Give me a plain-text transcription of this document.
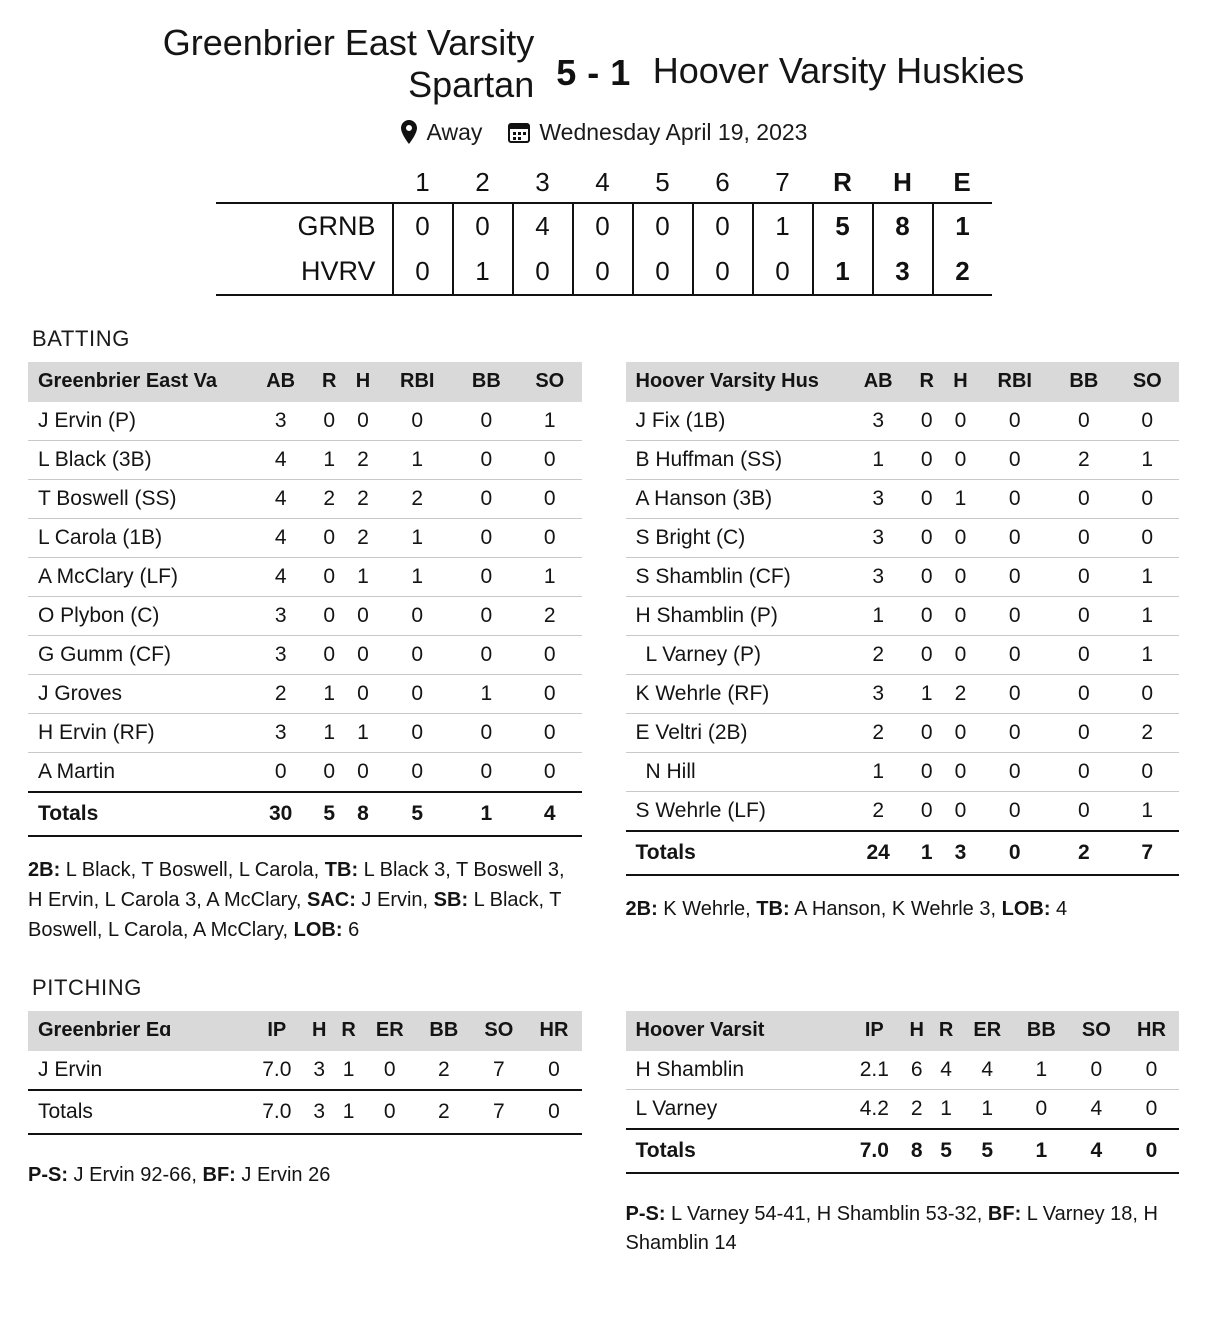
Greenbrier East Varsity Spartan 5 - 1 Hoover Varsity Huskies
Away Wednesday April 19, 2023
	1	2	3	4	5	6	7	R	H	E
GRNB	0	0	4	0	0	0	1	5	8	1
HVRV	0	1	0	0	0	0	0	1	3	2
BATTING
Greenbrier East Va	AB	R	H	RBI	BB	SO
J Ervin (P)	3	0	0	0	0	1
L Black (3B)	4	1	2	1	0	0
T Boswell (SS)	4	2	2	2	0	0
L Carola (1B)	4	0	2	1	0	0
A McClary (LF)	4	0	1	1	0	1
O Plybon (C)	3	0	0	0	0	2
G Gumm (CF)	3	0	0	0	0	0
J Groves	2	1	0	0	1	0
H Ervin (RF)	3	1	1	0	0	0
A Martin	0	0	0	0	0	0
Totals	30	5	8	5	1	4
2B: L Black, T Boswell, L Carola, TB: L Black 3, T Boswell 3, H Ervin, L Carola 3, A McClary, SAC: J Ervin, SB: L Black, T Boswell, L Carola, A McClary, LOB: 6
Hoover Varsity Hus	AB	R	H	RBI	BB	SO
J Fix (1B)	3	0	0	0	0	0
B Huffman (SS)	1	0	0	0	2	1
A Hanson (3B)	3	0	1	0	0	0
S Bright (C)	3	0	0	0	0	0
S Shamblin (CF)	3	0	0	0	0	1
H Shamblin (P)	1	0	0	0	0	1
L Varney (P)	2	0	0	0	0	1
K Wehrle (RF)	3	1	2	0	0	0
E Veltri (2B)	2	0	0	0	0	2
N Hill	1	0	0	0	0	0
S Wehrle (LF)	2	0	0	0	0	1
Totals	24	1	3	0	2	7
2B: K Wehrle, TB: A Hanson, K Wehrle 3, LOB: 4
PITCHING
Greenbrier Eɑ	IP	H	R	ER	BB	SO	HR
J Ervin	7.0	3	1	0	2	7	0
Totals	7.0	3	1	0	2	7	0
P-S: J Ervin 92-66, BF: J Ervin 26
Hoover Varsit	IP	H	R	ER	BB	SO	HR
H Shamblin	2.1	6	4	4	1	0	0
L Varney	4.2	2	1	1	0	4	0
Totals	7.0	8	5	5	1	4	0
P-S: L Varney 54-41, H Shamblin 53-32, BF: L Varney 18, H Shamblin 14
